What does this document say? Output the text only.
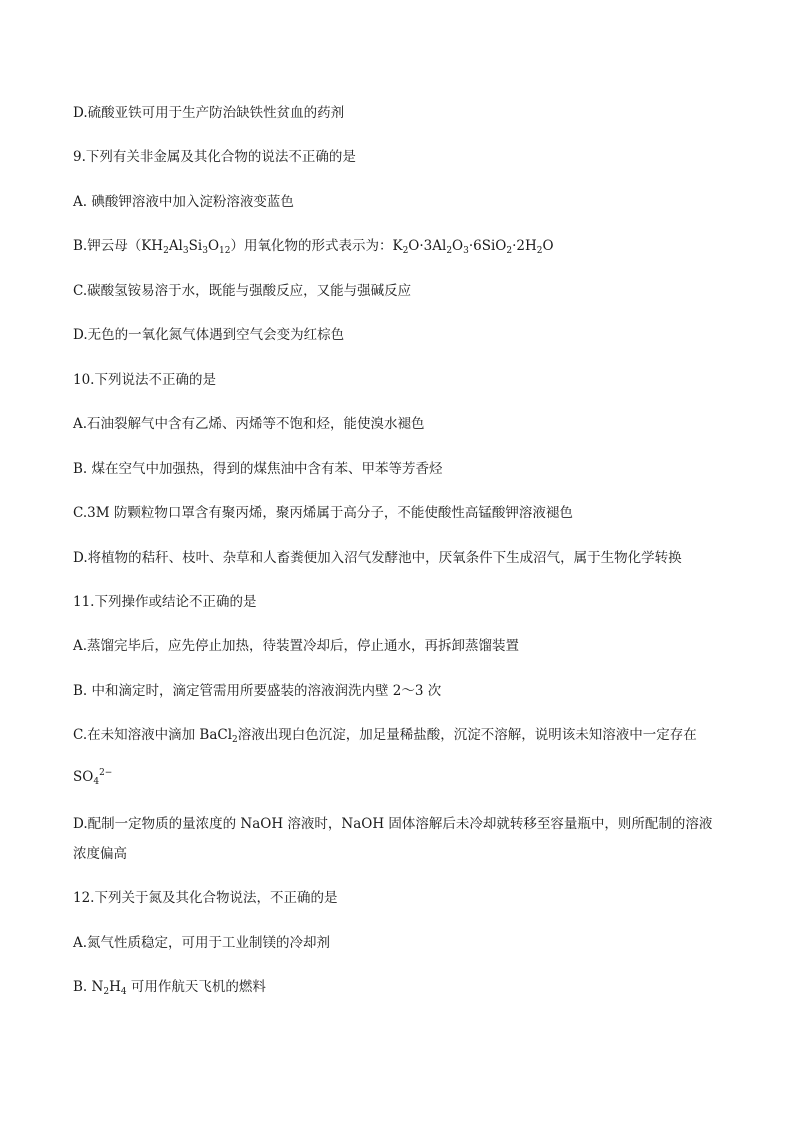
D.硫酸亚铁可用于生产防治缺铁性贫血的药剂
9.下列有关非金属及其化合物的说法不正确的是
A. 碘酸钾溶液中加入淀粉溶液变蓝色
B.钾云母$(KH_2Al_3Si_3O_{12})$用氧化物的形式表示为：$K_2O\cdot 3Al_2O_3\cdot 6SiO_2\cdot 2H_2O$
C.碳酸氢铵易溶于水，既能与强酸反应，又能与强碱反应
D.无色的一氧化氮气体遇到空气会变为红棕色
10.下列说法不正确的是
A.石油裂解气中含有乙烯、丙烯等不饱和烃，能使溴水褪色
B. 煤在空气中加强热，得到的煤焦油中含有苯、甲苯等芳香烃
C.3M 防颗粒物口罩含有聚丙烯，聚丙烯属于高分子，不能使酸性高锰酸钾溶液褪色
D.将植物的秸秆、枝叶、杂草和人畜粪便加入沼气发酵池中，厌氧条件下生成沼气，属于生物化学转换
11.下列操作或结论不正确的是
A.蒸馏完毕后，应先停止加热，待装置冷却后，停止通水，再拆卸蒸馏装置
B. 中和滴定时，滴定管需用所要盛装的溶液润洗内壁 2～3 次
C.在未知溶液中滴加 BaCl$_2$溶液出现白色沉淀，加足量稀盐酸，沉淀不溶解，说明该未知溶液中一定存在
$SO_4^{2-}$
D.配制一定物质的量浓度的 NaOH 溶液时，NaOH 固体溶解后未冷却就转移至容量瓶中，则所配制的溶液
浓度偏高
12.下列关于氮及其化合物说法，不正确的是
A.氮气性质稳定，可用于工业制镁的冷却剂
B. $N_2H_4$ 可用作航天飞机的燃料
